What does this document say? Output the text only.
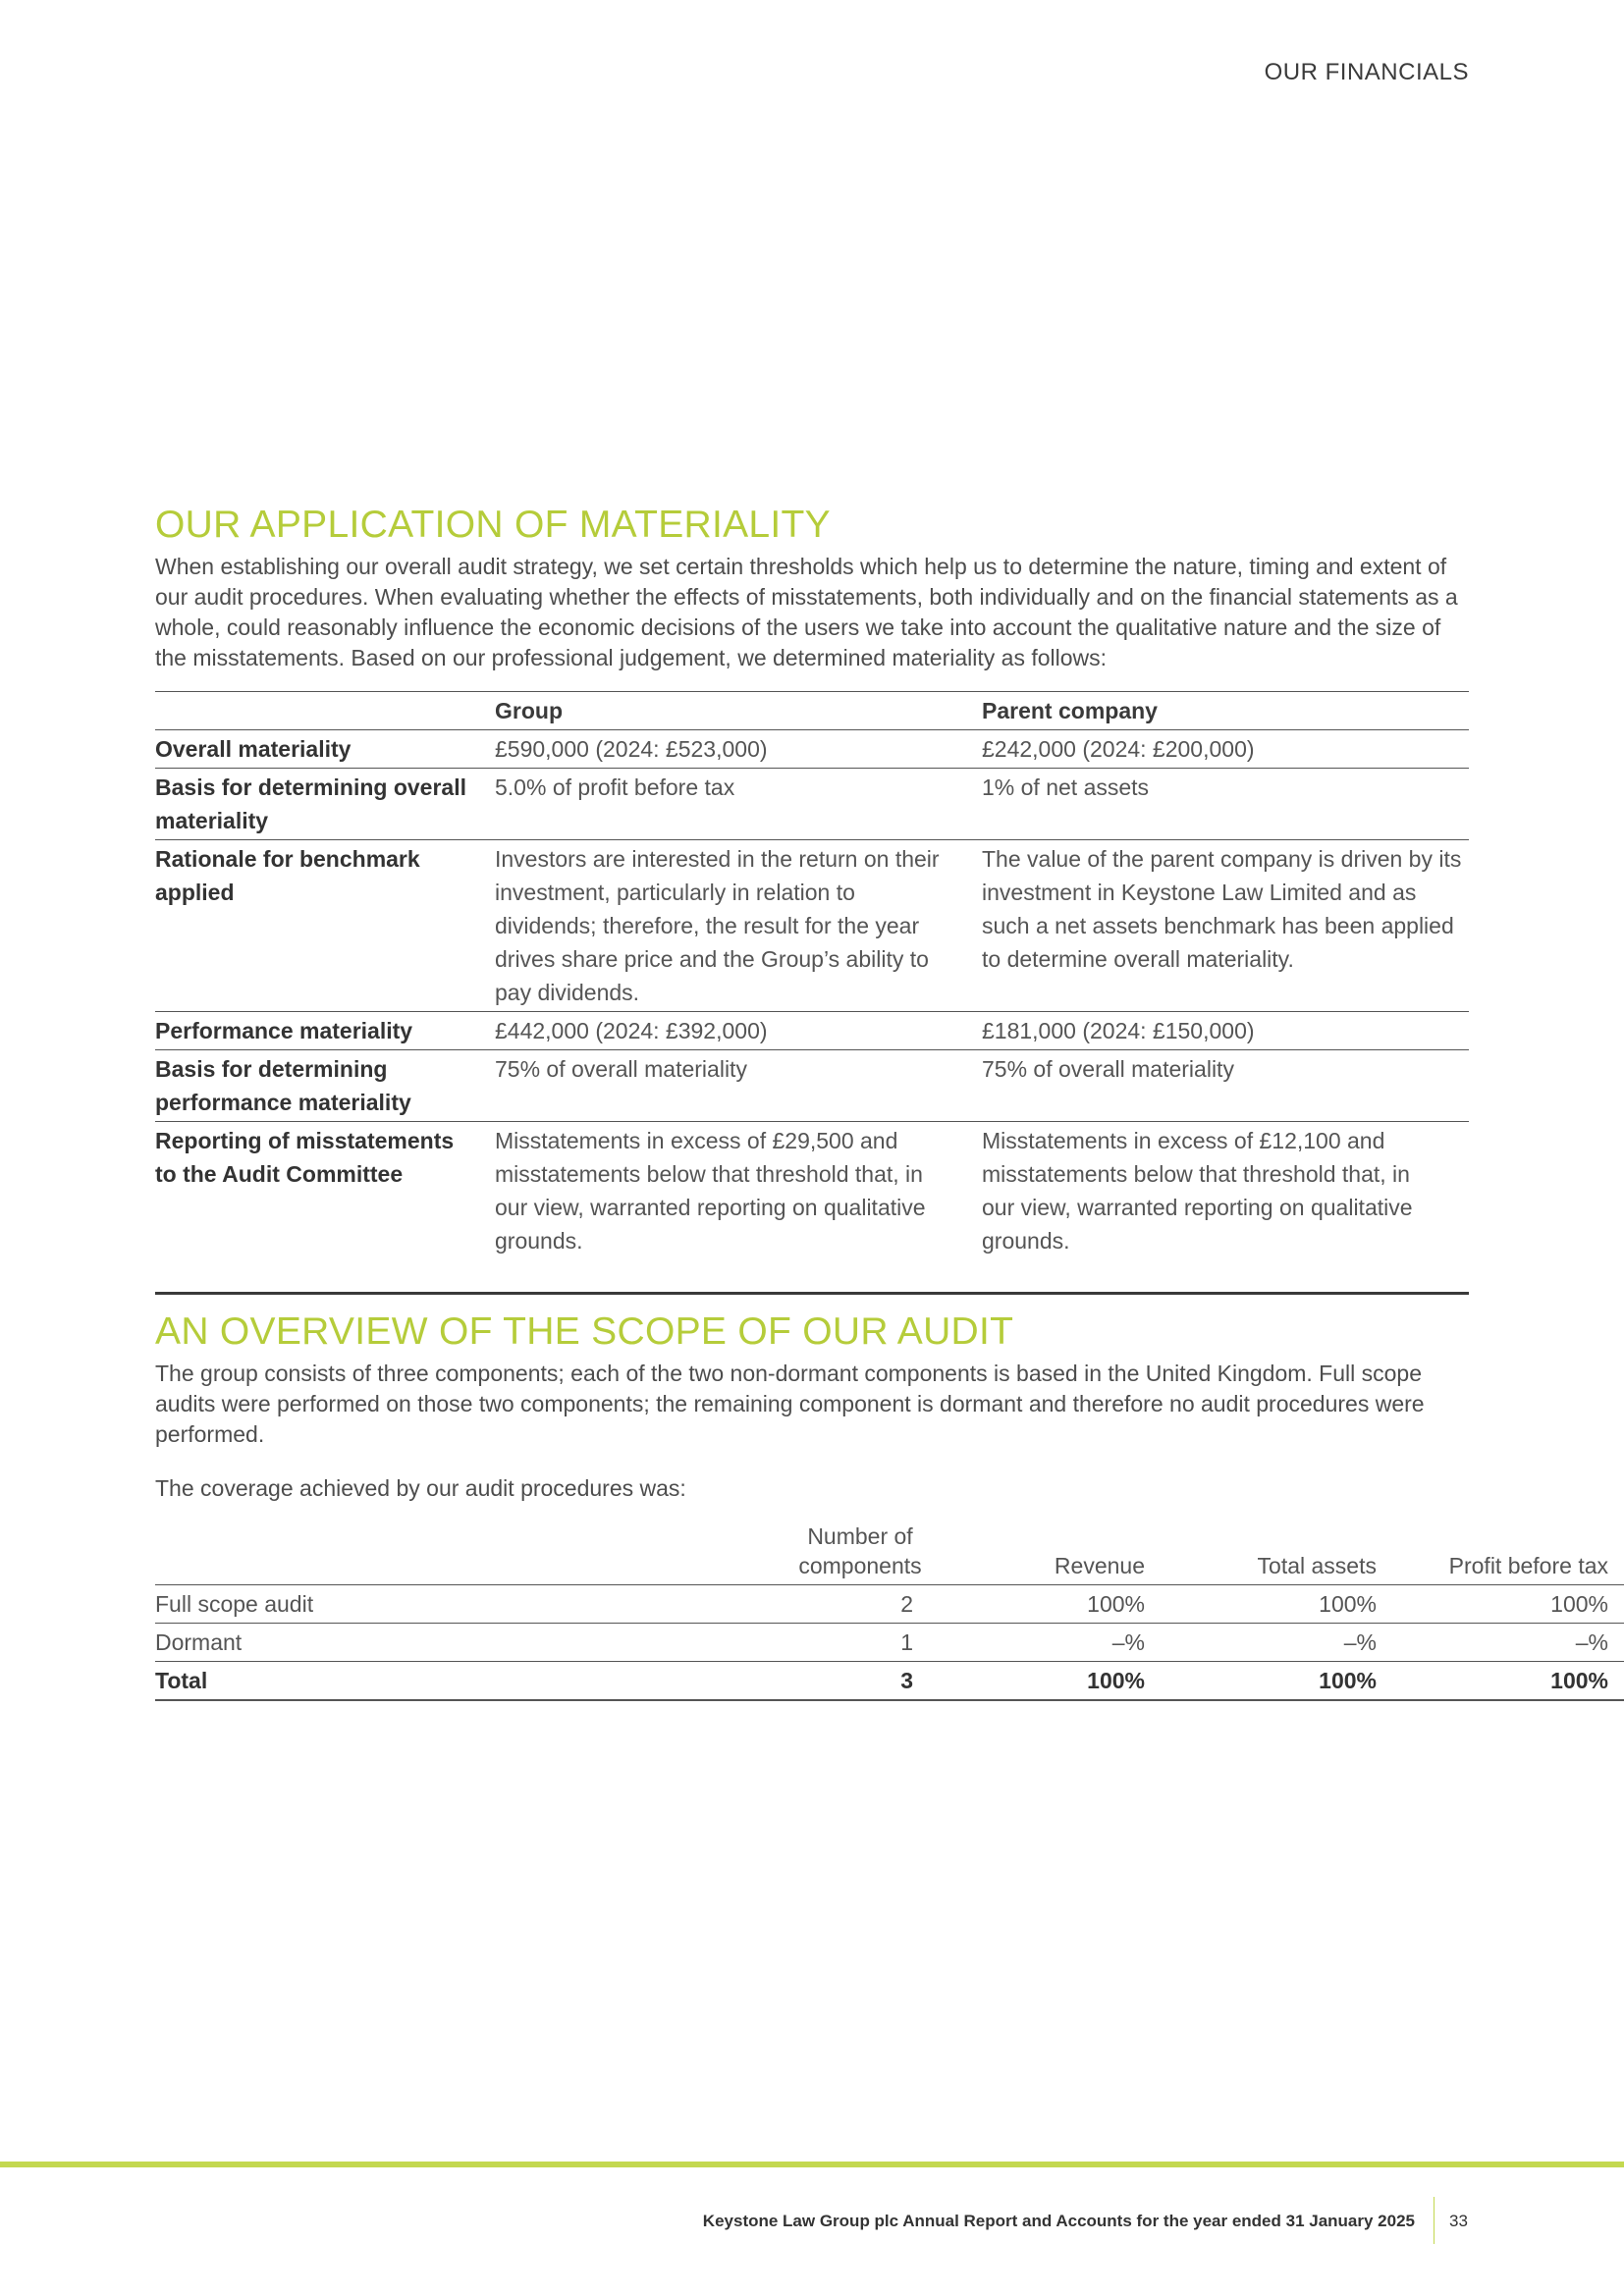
OUR FINANCIALS
OUR APPLICATION OF MATERIALITY

When establishing our overall audit strategy, we set certain thresholds which help us to determine the nature, timing and extent of our audit procedures. When evaluating whether the effects of misstatements, both individually and on the financial statements as a whole, could reasonably influence the economic decisions of the users we take into account the qualitative nature and the size of the misstatements. Based on our professional judgement, we determined materiality as follows:

	Group	Parent company
Overall materiality	£590,000 (2024: £523,000)	£242,000 (2024: £200,000)
Basis for determining overall materiality	5.0% of profit before tax	1% of net assets
Rationale for benchmark applied	Investors are interested in the return on their investment, particularly in relation to dividends; therefore, the result for the year drives share price and the Group’s ability to pay dividends.	The value of the parent company is driven by its investment in Keystone Law Limited and as such a net assets benchmark has been applied to determine overall materiality.
Performance materiality	£442,000 (2024: £392,000)	£181,000 (2024: £150,000)
Basis for determining performance materiality	75% of overall materiality	75% of overall materiality
Reporting of misstatements to the Audit Committee	Misstatements in excess of £29,500 and misstatements below that threshold that, in our view, warranted reporting on qualitative grounds.	Misstatements in excess of £12,100 and misstatements below that threshold that, in our view, warranted reporting on qualitative grounds.
AN OVERVIEW OF THE SCOPE OF OUR AUDIT

The group consists of three components; each of the two non-dormant components is based in the United Kingdom. Full scope audits were performed on those two components; the remaining component is dormant and therefore no audit procedures were performed.

The coverage achieved by our audit procedures was:

	Number of components	Revenue	Total assets	Profit before tax
Full scope audit	2	100%	100%	100%
Dormant	1	–%	–%	–%
Total	3	100%	100%	100%
Keystone Law Group plc Annual Report and Accounts for the year ended 31 January 2025 33
